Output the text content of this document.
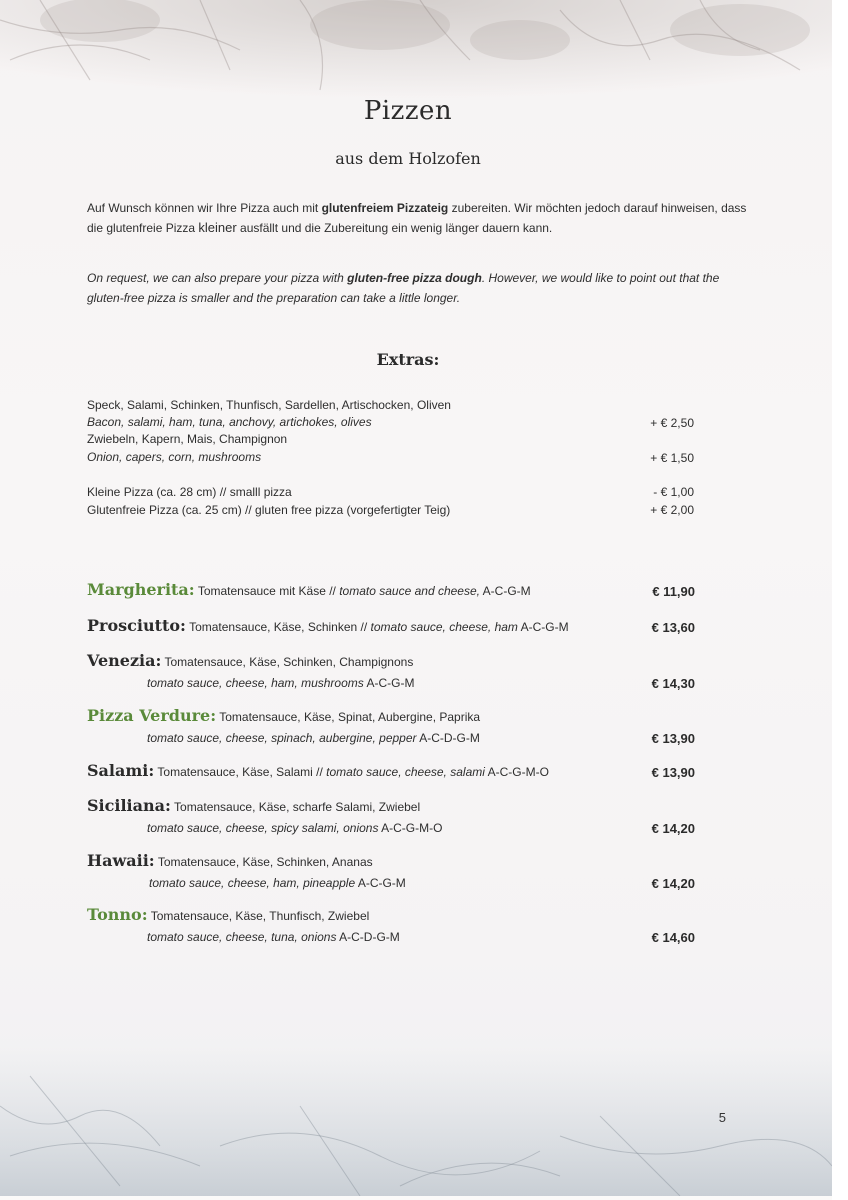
Pizzen
aus dem Holzofen
Auf Wunsch können wir Ihre Pizza auch mit glutenfreiem Pizzateig zubereiten. Wir möchten jedoch darauf hinweisen, dass die glutenfreie Pizza kleiner ausfällt und die Zubereitung ein wenig länger dauern kann.
On request, we can also prepare your pizza with gluten-free pizza dough. However, we would like to point out that the gluten-free pizza is smaller and the preparation can take a little longer.
Extras:
Speck, Salami, Schinken, Thunfisch, Sardellen, Artischocken, Oliven
Bacon, salami, ham, tuna, anchovy, artichokes, olives	+ € 2,50
Zwiebeln, Kapern, Mais, Champignon
Onion, capers, corn, mushrooms	+ € 1,50
Kleine Pizza (ca. 28 cm) // smalll pizza	- € 1,00
Glutenfreie Pizza (ca. 25 cm) // gluten free pizza (vorgefertigter Teig)	+ € 2,00
Margherita: Tomatensauce mit Käse // tomato sauce and cheese, A-C-G-M	€ 11,90
Prosciutto: Tomatensauce, Käse, Schinken // tomato sauce, cheese, ham A-C-G-M	€ 13,60
Venezia: Tomatensauce, Käse, Schinken, Champignons
tomato sauce, cheese, ham, mushrooms A-C-G-M	€ 14,30
Pizza Verdure: Tomatensauce, Käse, Spinat, Aubergine, Paprika
tomato sauce, cheese, spinach, aubergine, pepper A-C-D-G-M	€ 13,90
Salami: Tomatensauce, Käse, Salami // tomato sauce, cheese, salami A-C-G-M-O	€ 13,90
Siciliana: Tomatensauce, Käse, scharfe Salami, Zwiebel
tomato sauce, cheese, spicy salami, onions A-C-G-M-O	€ 14,20
Hawaii: Tomatensauce, Käse, Schinken, Ananas
tomato sauce, cheese, ham, pineapple A-C-G-M	€ 14,20
Tonno: Tomatensauce, Käse, Thunfisch, Zwiebel
tomato sauce, cheese, tuna, onions A-C-D-G-M	€ 14,60
5
